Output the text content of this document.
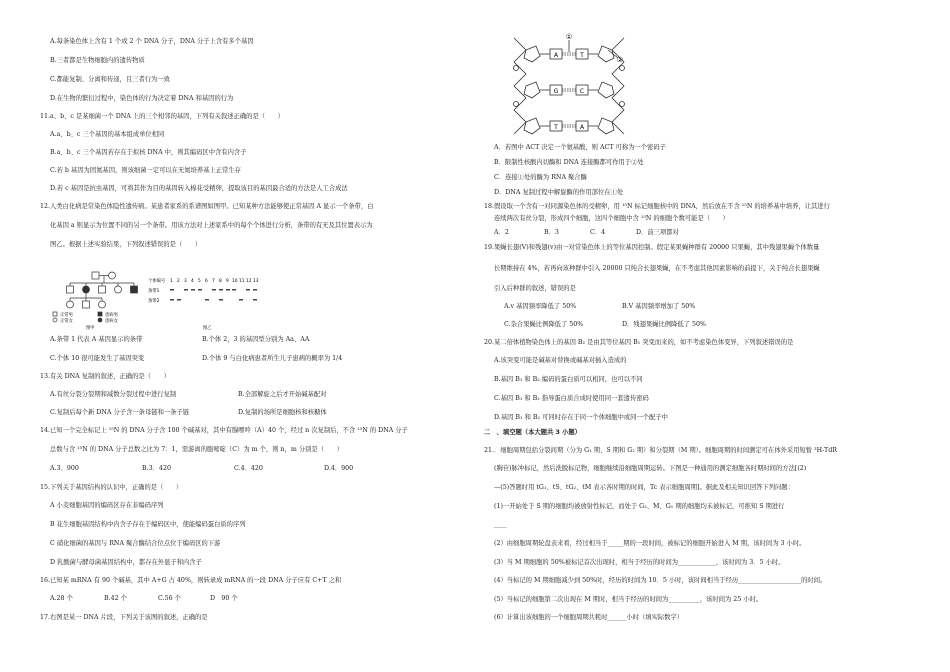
A.每条染色体上含有 1 个或 2 个 DNA 分子，DNA 分子上含有多个基因
B.三者都是生物细胞内的遗传物质
C.都能复制、分离和传递，且三者行为一致
D.在生物的繁衍过程中，染色体的行为决定着 DNA 和基因的行为
11.a、b、c 是某细菌一个 DNA 上的三个相邻的基因，下列有关叙述正确的是（　　）
A.a、b、c 三个基因的基本组成单位相同
B.a、b、c 三个基因若存在于拟核 DNA 中，则其编码区中含有内含子
C.若 b 基因为固氮基因，则该细菌一定可以在无氮培养基上正常生存
D.若 c 基因是抗虫基因，可将其作为目的基因转入棉花受精卵，提取该目的基因最合适的方法是人工合成法
12.人类白化病是常染色体隐性遗传病。某患者家系的系谱图如图甲。已知某种方法能够使正常基因 A 显示一个条带，白
化基因 a 则显示为位置不同的另一个条带。用该方法对上述家系中的每个个体进行分析，条带的有无及其位置表示为
图乙。根据上述实验结果，下列叙述错误的是（　　）
正常男
正常女
患病男
患病女
图甲
个体编号
条带1
条带2
1 2 3 4 5 6 7 8 9 10 11 12 13
图乙
A.条带 1 代表 A 基因显示的条带	B.个体 2，3 的基因型分别为 Aa、AA
C.个体 10 很可能发生了基因突变	D.个体 9 与白化病患者所生儿子患病的概率为 1/4
13.有关 DNA 复制的叙述，正确的是（　　）
A.有丝分裂分裂期和减数分裂过程中进行复制	B.全部解旋之后才开始碱基配对
C.复制后每个新 DNA 分子含一条母链和一条子链	D.复制的场所是细胞核和核糖体
14.已知一个完全标记上 ¹⁵N 的 DNA 分子含 100 个碱基对，其中有腺嘌呤（A）40 个，经过 n 次复制后，不含 ¹⁵N 的 DNA 分子
总数与含 ¹⁵N 的 DNA 分子总数之比为 7：1，需游离的胞嘧啶（C）为 m 个，则 n，m 分别是（　　）
A.3．900	B.3．420	C.4．420	D.4．900
15.下列关于基因结构的认识中，正确的是（　　）
A 小麦细胞基因的编码区存在非编码序列
B 花生细胞基因结构中内含子存在于编码区中，使能编码蛋白质的序列
C 硝化细菌的基因与 RNA 聚合酶结合位点位于编码区的下游
D 乳酸菌与酵母菌基因结构中，都存在外显子和内含子
16.已知某 mRNA 有 90 个碱基，其中 A+G 占 40%，则转录成 mRNA 的一段 DNA 分子应有 C+T 之和
A.28 个	B.42 个	C.56 个	D　90 个
17.右图是某一 DNA 片段，下列关于该图的叙述，正确的是
A	T
G	C
T	A
①
②
A．若图中 ACT 决定一个氨基酸，则 ACT 可称为一个密码子
B．限制性核酸内切酶和 DNA 连接酶都可作用于②处
C．连接①处的酶为 RNA 聚合酶
D．DNA 复制过程中解旋酶的作用部位在①处
18.假设取一个含有一对同源染色体的受精卵，用 ¹⁵N 标记细胞核中的 DNA，然后放在不含 ¹⁵N 的培养基中培养，让其进行
连续两次有丝分裂，形成四个细胞，这四个细胞中含 ¹⁵N 的细胞个数可能是（　　）
A．2	B．3	C．4	D．前三项都对
19.果蝇长翅(V)和残翅(v)由一对常染色体上的等位基因控制。假定某果蝇种群有 20000 只果蝇，其中残翅果蝇个体数量
长期维持在 4%，若再向该种群中引入 20000 只纯合长翅果蝇，在不考虑其他因素影响的前提下，关于纯合长翅果蝇
引入后种群的叙述，错误的是
A.v 基因频率降低了 50%	B.V 基因频率增加了 50%
C.杂合果蝇比例降低了 50%	D．残翅果蝇比例降低了 50%
20.某二倍体植物染色体上的基因 B₂ 是由其等位基因 B₁ 突变而来的，如不考虑染色体变异，下列叙述错误的是
A.该突变可能是碱基对替换或碱基对插入造成的
B.基因 B₁ 和 B₂ 编码的蛋白质可以相同，也可以不同
C.基因 B₁ 和 B₂ 指导蛋白质合成时使用同一套遗传密码
D.基因 B₁ 和 B₂ 可同时存在于同一个体细胞中或同一个配子中
二　、填空题（本大题共 3 小题）
21.．细胞周期包括分裂间期（分为 G₁ 期、S 期和 G₂ 期）和分裂期（M 期）。细胞周期的时间测定可在体外采用短暂 ³H-TdR
(胸苷)脉冲标记，然后洗脱标记物，细胞继续沿细胞周期运转。下图是一种通用的测定细胞各时期时间的方法[(2)
—(5)答题时用 tG₁、tS、tG₂、tM 表示各时期的时间，Tc 表示细胞周期]。据此及相关知识回答下列问题：
(1)一开始处于 S 期的细胞均被放射性标记，而处于 G₂、M、G₁ 期的细胞均未被标记，可推知 S 期进行
____
(2）由细胞周期轮盘表来看，经过相当于_____期的一段时间，被标记的细胞开始进入 M 期，该时间为 3 小时。
(3）当 M 期细胞的 50%被标记首次出现时，相当于经历的时间为____________，该时间为 3．5 小时。
(4）当标记的 M 期细胞减少到 50%时，经历的时间为 10．5 小时，该时间相当于经历____________________的时间。
(5）当标记的细胞第二次出现在 M 期时，相当于经历的时间为__________，该时间为 25 小时。
(6）计算出该细胞的一个细胞周期共耗时______小时（填实际数字）
